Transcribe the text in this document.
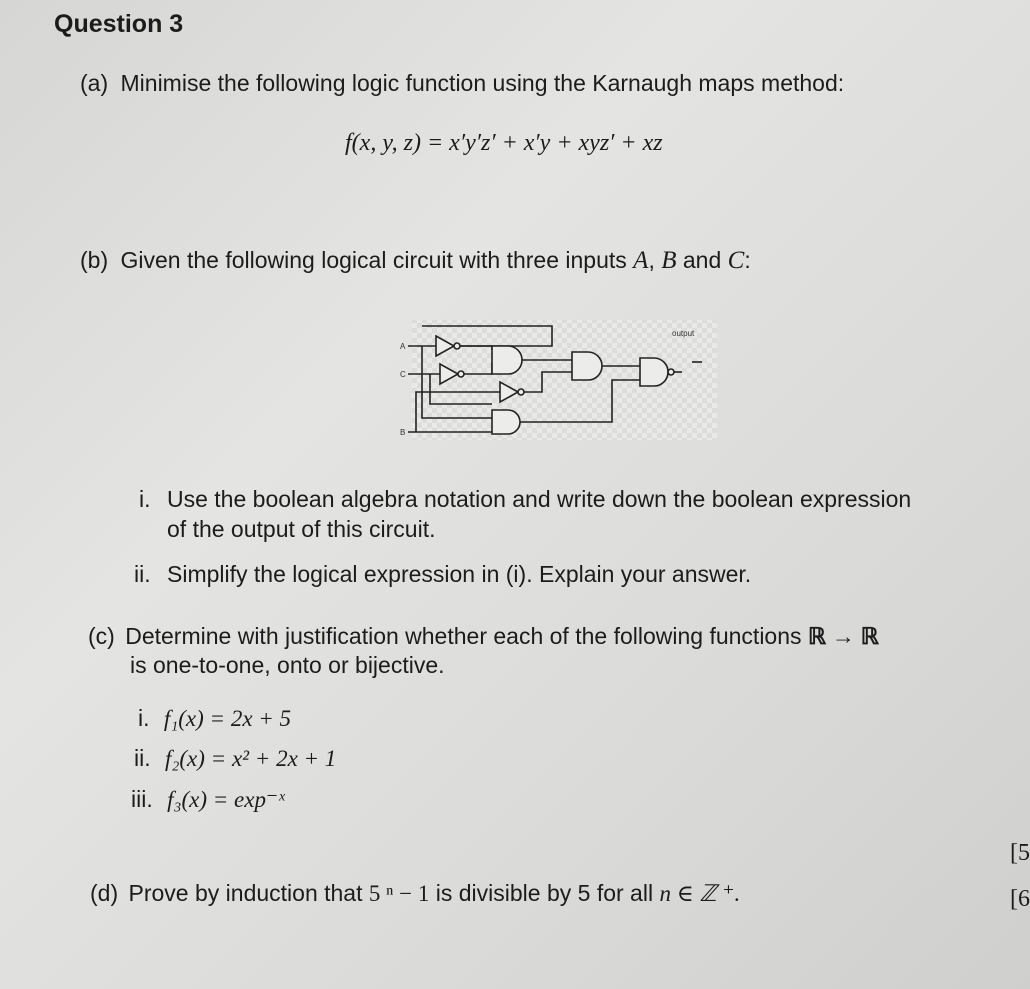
Question 3
(a) Minimise the following logic function using the Karnaugh maps method:
f(x, y, z) = x′y′z′ + x′y + xyz′ + xz
(b) Given the following logical circuit with three inputs A, B and C:
A
C
B
output
i. Use the boolean algebra notation and write down the boolean expression
of the output of this circuit.
ii. Simplify the logical expression in (i). Explain your answer.
(c) Determine with justification whether each of the following functions ℝ → ℝ
is one-to-one, onto or bijective.
i. f₁(x) = 2x + 5
ii. f₂(x) = x² + 2x + 1
iii. f₃(x) = exp⁻ˣ
(d) Prove by induction that 5 ⁿ − 1 is divisible by 5 for all n ∈ ℤ ⁺.
[5
[6
